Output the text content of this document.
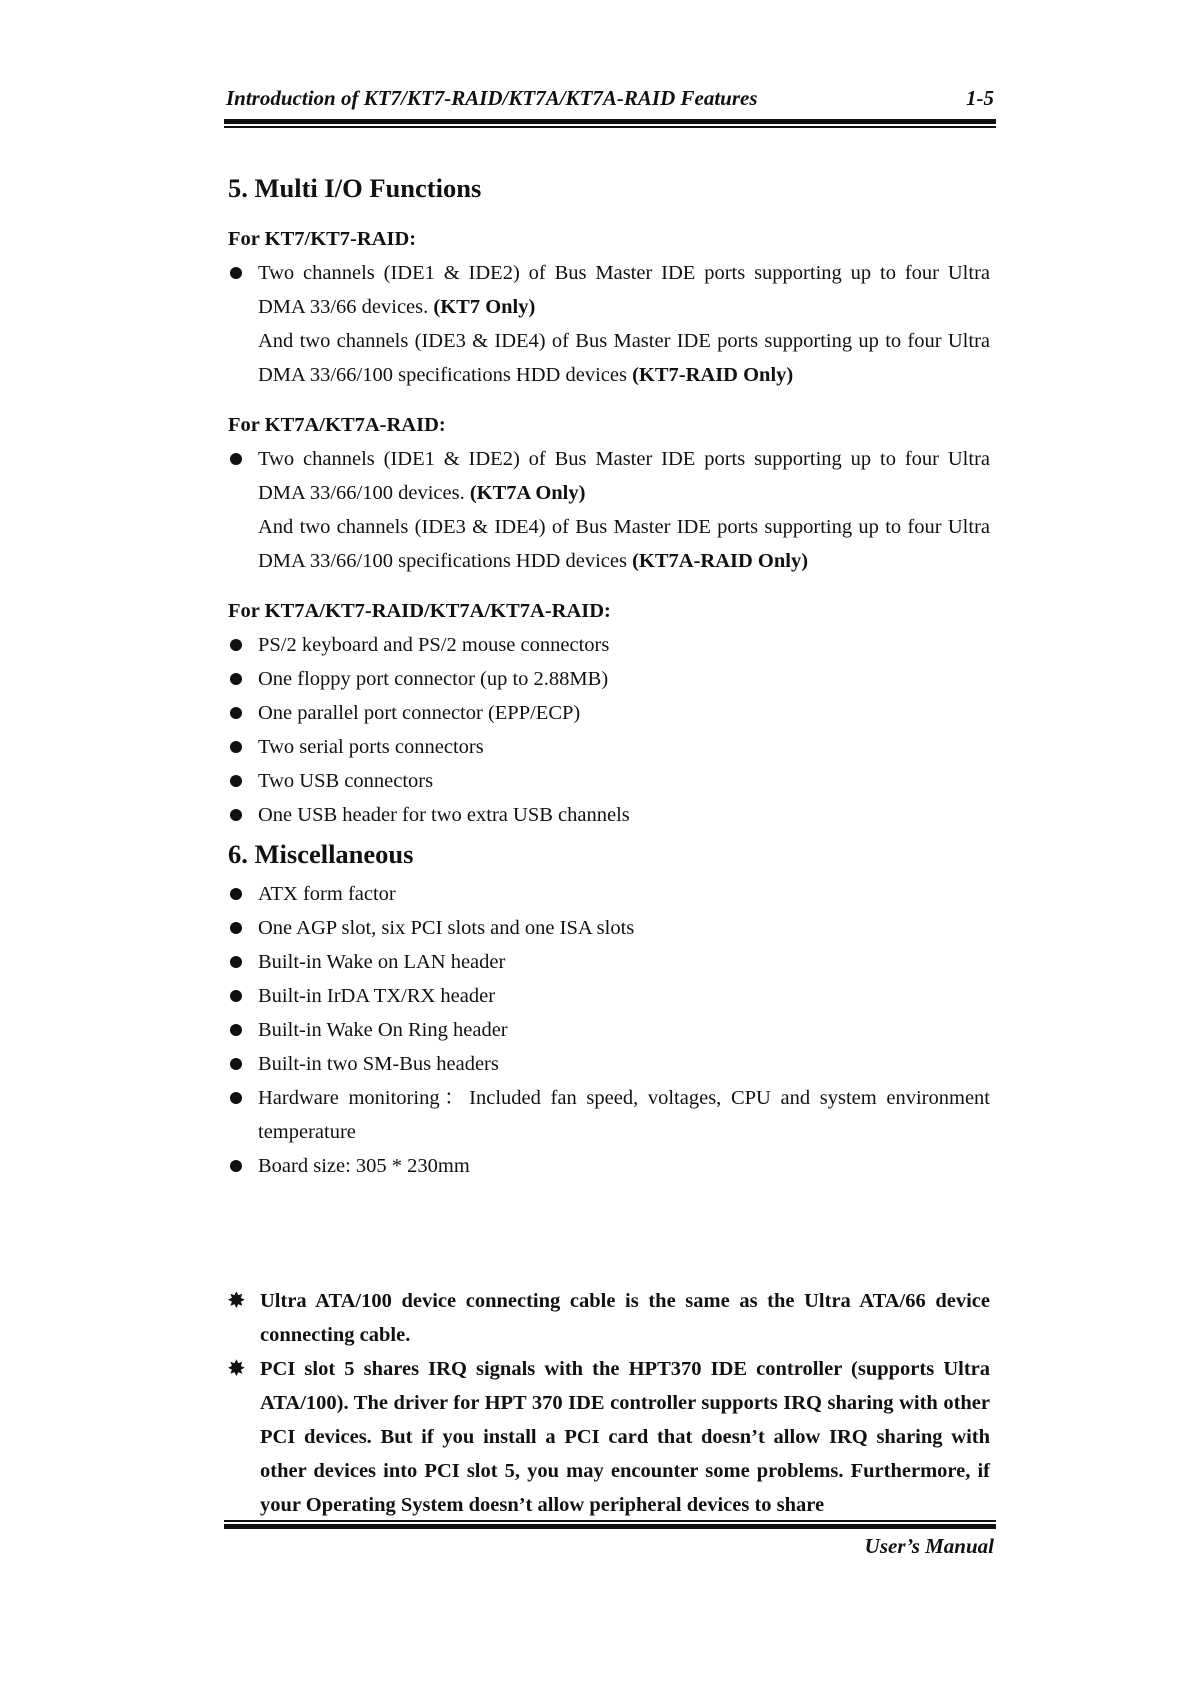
Introduction of KT7/KT7-RAID/KT7A/KT7A-RAID Features	1-5
5. Multi I/O Functions

For KT7/KT7-RAID:

Two channels (IDE1 & IDE2) of Bus Master IDE ports supporting up to four Ultra DMA 33/66 devices. (KT7 Only)
And two channels (IDE3 & IDE4) of Bus Master IDE ports supporting up to four Ultra DMA 33/66/100 specifications HDD devices (KT7-RAID Only)

For KT7A/KT7A-RAID:

Two channels (IDE1 & IDE2) of Bus Master IDE ports supporting up to four Ultra DMA 33/66/100 devices. (KT7A Only)
And two channels (IDE3 & IDE4) of Bus Master IDE ports supporting up to four Ultra DMA 33/66/100 specifications HDD devices (KT7A-RAID Only)

For KT7A/KT7-RAID/KT7A/KT7A-RAID:

PS/2 keyboard and PS/2 mouse connectors
One floppy port connector (up to 2.88MB)
One parallel port connector (EPP/ECP)
Two serial ports connectors
Two USB connectors
One USB header for two extra USB channels
6. Miscellaneous
ATX form factor
One AGP slot, six PCI slots and one ISA slots
Built-in Wake on LAN header
Built-in IrDA TX/RX header
Built-in Wake On Ring header
Built-in two SM-Bus headers
Hardware monitoring：Included fan speed, voltages, CPU and system environment temperature
Board size: 305 * 230mm
✸ Ultra ATA/100 device connecting cable is the same as the Ultra ATA/66 device connecting cable.
✸ PCI slot 5 shares IRQ signals with the HPT370 IDE controller (supports Ultra ATA/100). The driver for HPT 370 IDE controller supports IRQ sharing with other PCI devices. But if you install a PCI card that doesn’t allow IRQ sharing with other devices into PCI slot 5, you may encounter some problems. Furthermore, if your Operating System doesn’t allow peripheral devices to share
User’s Manual
